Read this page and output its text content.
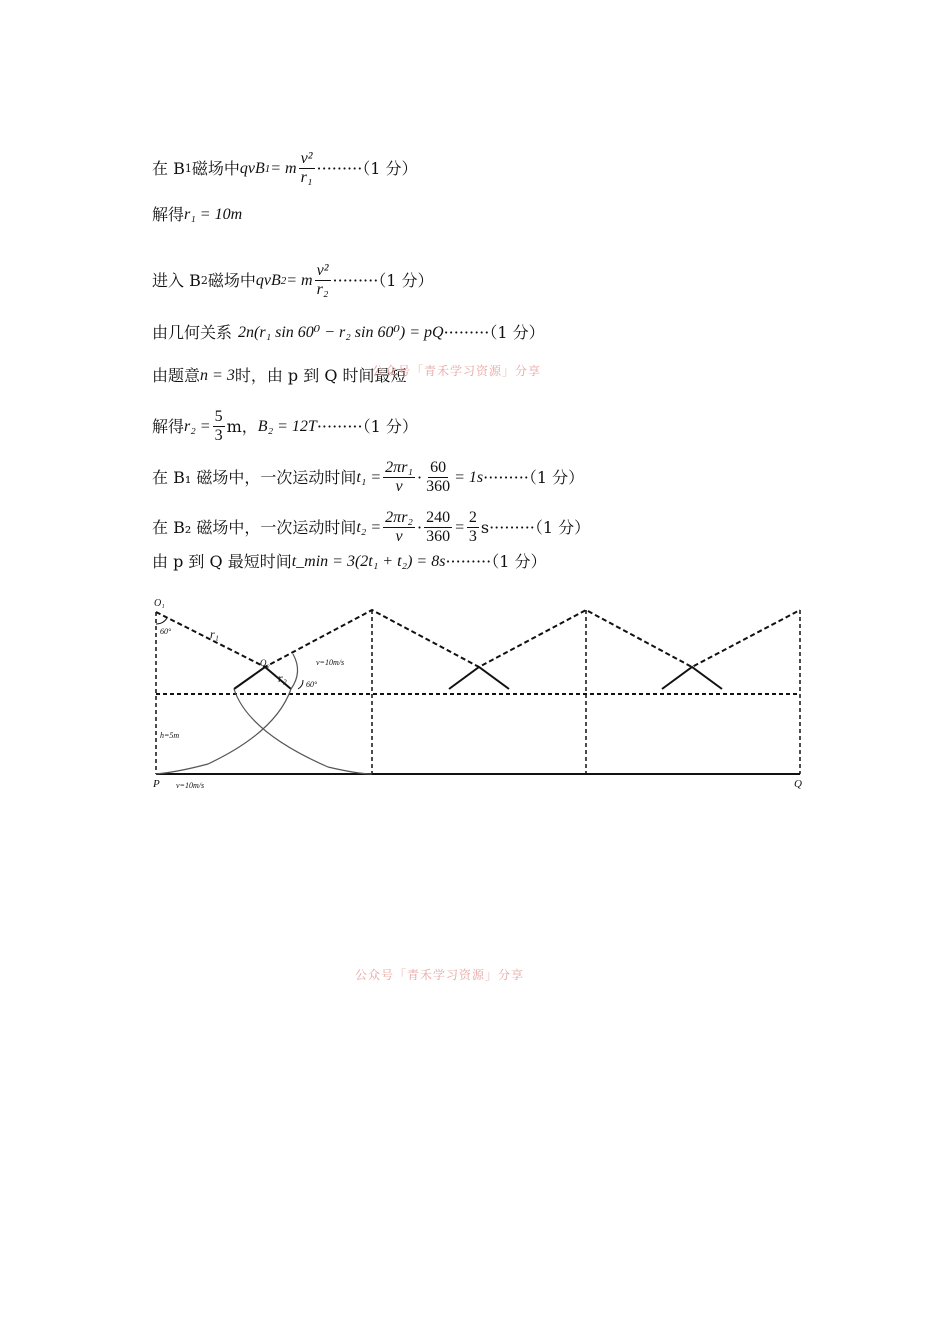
在 B 1 磁场中 qvB 1 = m $\frac{\text{v²}}{\text{r₁}} \cdot\cdot\cdot\cdot\cdot\cdot\cdot\cdot\cdot(1$ 分）
解得 r₁ = 10m
进入 B 2 磁场中 qvB 2 = m $\frac{\text{v²}}{\text{r₂}} \cdot\cdot\cdot\cdot\cdot\cdot\cdot\cdot\cdot(1$ 分）
由几何关系 2n(r₁ sin 60⁰ − r₂ sin 60⁰) = pQ ·········（1 分）
由题意 n = 3 时，由 p 到 Q 时间最短
解得 $r_2 = \frac{5}{3}$ m， B₂ = 12T ·········（1 分）
在 B₁ 磁场中，一次运动时间 $t_1 = \frac{\text{2πr₁}}{v} \cdot \frac{60}{360} = 1s \cdot\cdot\cdot\cdot\cdot\cdot\cdot\cdot\cdot(1$ 分）
在 B₂ 磁场中，一次运动时间 $t_2 = \frac{\text{2πr₂}}{v} \cdot \frac{240}{360} = \frac{2}{3}$ s ·········（1 分）
由 p 到 Q 最短时间 t_min = 3(2t₁ + t₂) = 8s ·········（1 分）
O₁
60°	r₁
O₂
r₂ 60°
v=10m/s
h=5m
P v=10m/s	Q
公众号「青禾学习资源」分享
公众号「青禾学习资源」分享
